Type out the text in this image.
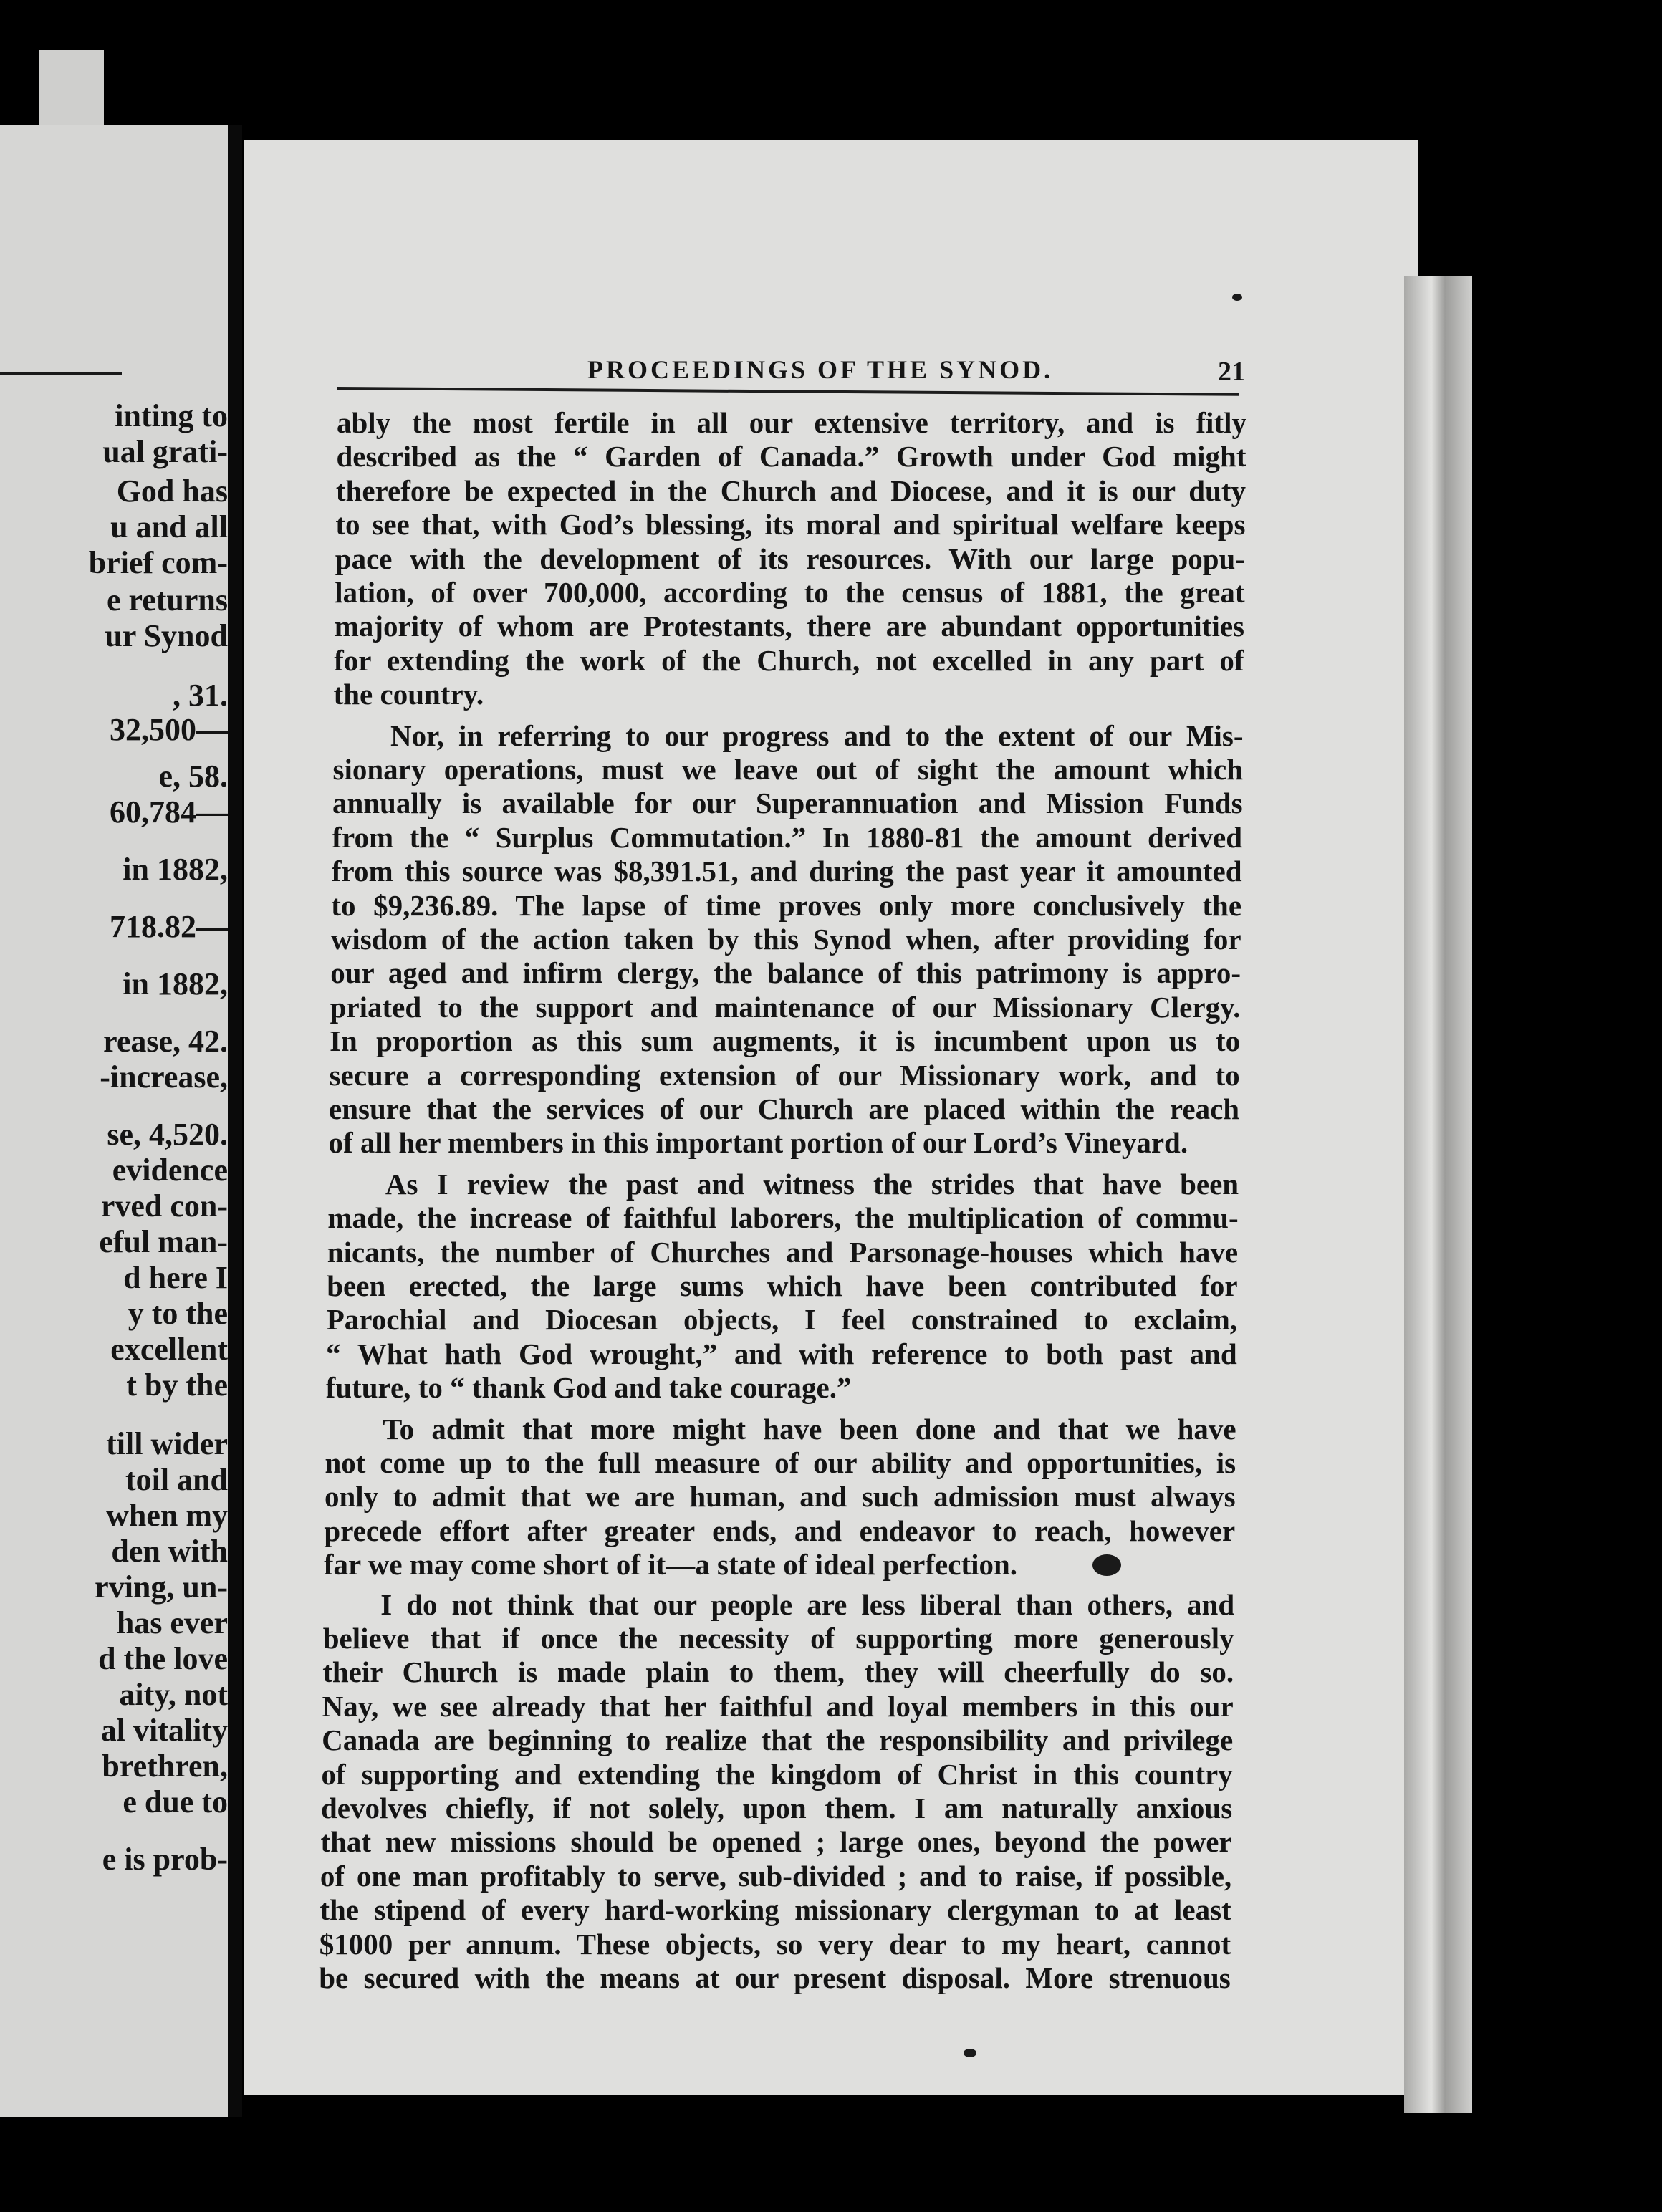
inting to
ual grati-
God has
u and all
brief com-
e returns
ur Synod
, 31.
32,500—
e, 58.
60,784—
in 1882,
718.82—
in 1882,
rease, 42.
-increase,
se, 4,520.
evidence
rved con-
eful man-
d here I
y to the
excellent
t by the
till wider
toil and
when my
den with
rving, un-
has ever
d the love
aity, not
al vitality
brethren,
e due to
e is prob-
PROCEEDINGS OF THE SYNOD.	21
ably the most fertile in all our extensive territory, and is fitly
described as the “ Garden of Canada.” Growth under God might
therefore be expected in the Church and Diocese, and it is our duty
to see that, with God’s blessing, its moral and spiritual welfare keeps
pace with the development of its resources. With our large popu-
lation, of over 700,000, according to the census of 1881, the great
majority of whom are Protestants, there are abundant opportunities
for extending the work of the Church, not excelled in any part of
the country.
Nor, in referring to our progress and to the extent of our Mis-
sionary operations, must we leave out of sight the amount which
annually is available for our Superannuation and Mission Funds
from the “ Surplus Commutation.” In 1880-81 the amount derived
from this source was $8,391.51, and during the past year it amounted
to $9,236.89. The lapse of time proves only more conclusively the
wisdom of the action taken by this Synod when, after providing for
our aged and infirm clergy, the balance of this patrimony is appro-
priated to the support and maintenance of our Missionary Clergy.
In proportion as this sum augments, it is incumbent upon us to
secure a corresponding extension of our Missionary work, and to
ensure that the services of our Church are placed within the reach
of all her members in this important portion of our Lord’s Vineyard.
As I review the past and witness the strides that have been
made, the increase of faithful laborers, the multiplication of commu-
nicants, the number of Churches and Parsonage-houses which have
been erected, the large sums which have been contributed for
Parochial and Diocesan objects, I feel constrained to exclaim,
“ What hath God wrought,” and with reference to both past and
future, to “ thank God and take courage.”
To admit that more might have been done and that we have
not come up to the full measure of our ability and opportunities, is
only to admit that we are human, and such admission must always
precede effort after greater ends, and endeavor to reach, however
far we may come short of it—a state of ideal perfection.
I do not think that our people are less liberal than others, and
believe that if once the necessity of supporting more generously
their Church is made plain to them, they will cheerfully do so.
Nay, we see already that her faithful and loyal members in this our
Canada are beginning to realize that the responsibility and privilege
of supporting and extending the kingdom of Christ in this country
devolves chiefly, if not solely, upon them. I am naturally anxious
that new missions should be opened ; large ones, beyond the power
of one man profitably to serve, sub-divided ; and to raise, if possible,
the stipend of every hard-working missionary clergyman to at least
$1000 per annum. These objects, so very dear to my heart, cannot
be secured with the means at our present disposal. More strenuous
